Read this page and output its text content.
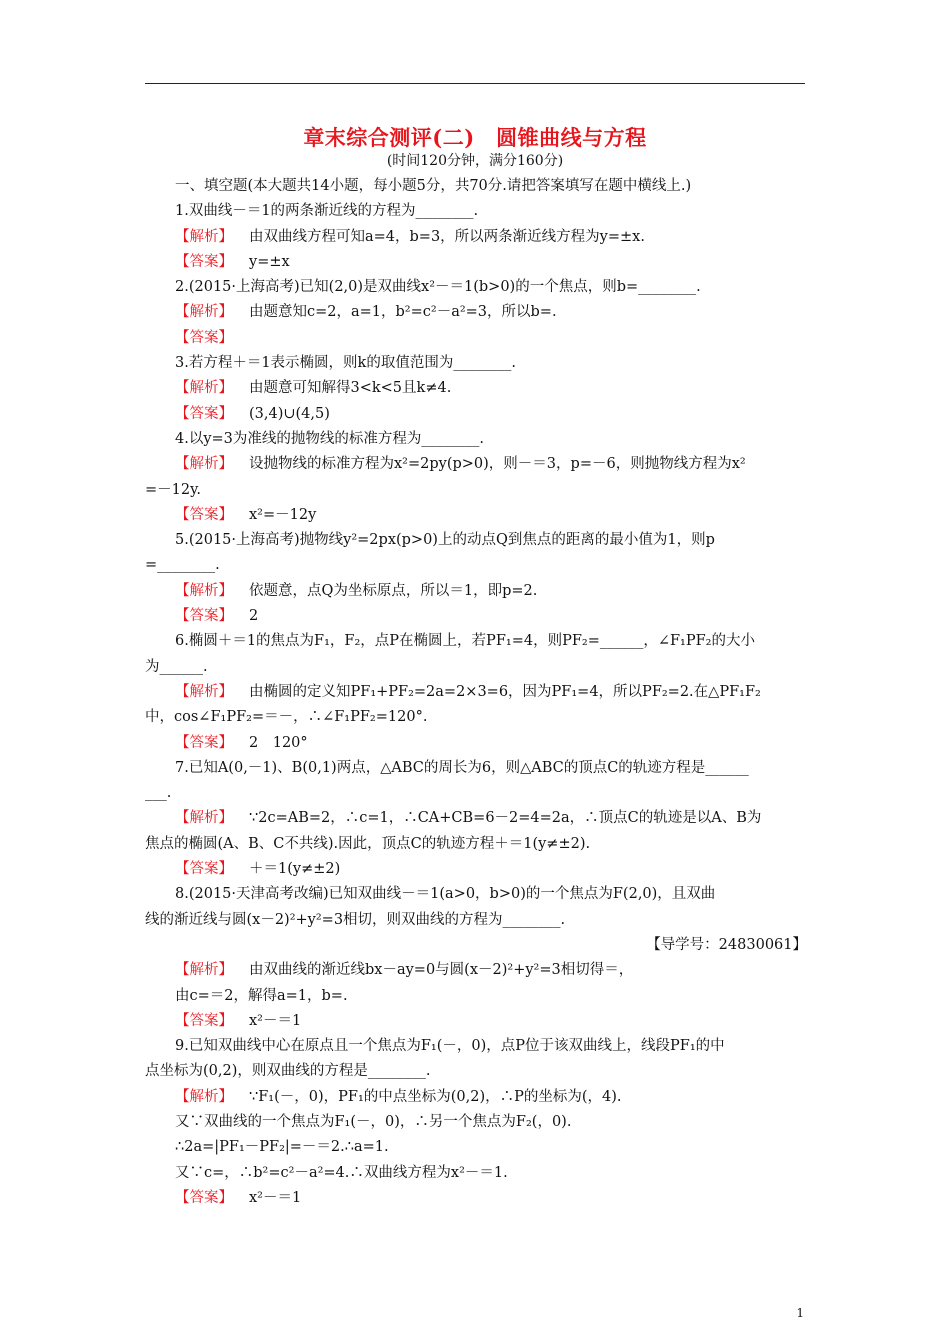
章末综合测评(二)　圆锥曲线与方程
(时间120分钟，满分160分)
一、填空题(本大题共14小题，每小题5分，共70分.请把答案填写在题中横线上.)
1.双曲线－＝1的两条渐近线的方程为________.
【解析】 由双曲线方程可知a=4，b=3，所以两条渐近线方程为y=±x.
【答案】 y=±x
2.(2015·上海高考)已知(2,0)是双曲线x²－＝1(b>0)的一个焦点，则b=________.
【解析】 由题意知c=2，a=1，b²=c²－a²=3，所以b=.
【答案】
3.若方程＋＝1表示椭圆，则k的取值范围为________.
【解析】 由题意可知解得3<k<5且k≠4.
【答案】 (3,4)∪(4,5)
4.以y=3为准线的抛物线的标准方程为________.
【解析】 设抛物线的标准方程为x²=2py(p>0)，则－＝3，p=－6，则抛物线方程为x²
=－12y.
【答案】 x²=－12y
5.(2015·上海高考)抛物线y²=2px(p>0)上的动点Q到焦点的距离的最小值为1，则p
=________.
【解析】 依题意，点Q为坐标原点，所以＝1，即p=2.
【答案】 2
6.椭圆＋＝1的焦点为F₁，F₂，点P在椭圆上，若PF₁=4，则PF₂=______，∠F₁PF₂的大小
为______.
【解析】 由椭圆的定义知PF₁+PF₂=2a=2×3=6，因为PF₁=4，所以PF₂=2.在△PF₁F₂
中，cos∠F₁PF₂=＝－，∴∠F₁PF₂=120°.
【答案】 2　120°
7.已知A(0,－1)、B(0,1)两点，△ABC的周长为6，则△ABC的顶点C的轨迹方程是______
___.
【解析】 ∵2c=AB=2，∴c=1，∴CA+CB=6－2=4=2a，∴顶点C的轨迹是以A、B为
焦点的椭圆(A、B、C不共线).因此，顶点C的轨迹方程＋＝1(y≠±2).
【答案】 ＋＝1(y≠±2)
8.(2015·天津高考改编)已知双曲线－＝1(a>0，b>0)的一个焦点为F(2,0)，且双曲
线的渐近线与圆(x－2)²+y²=3相切，则双曲线的方程为________.
【导学号：24830061】
【解析】 由双曲线的渐近线bx－ay=0与圆(x－2)²+y²=3相切得＝，
由c=＝2，解得a=1，b=.
【答案】 x²－＝1
9.已知双曲线中心在原点且一个焦点为F₁(－，0)，点P位于该双曲线上，线段PF₁的中
点坐标为(0,2)，则双曲线的方程是________.
【解析】 ∵F₁(－，0)，PF₁的中点坐标为(0,2)，∴P的坐标为(，4).
又∵双曲线的一个焦点为F₁(－，0)，∴另一个焦点为F₂(，0).
∴2a=|PF₁－PF₂|=－＝2.∴a=1.
又∵c=，∴b²=c²－a²=4.∴双曲线方程为x²－＝1.
【答案】 x²－＝1
1
